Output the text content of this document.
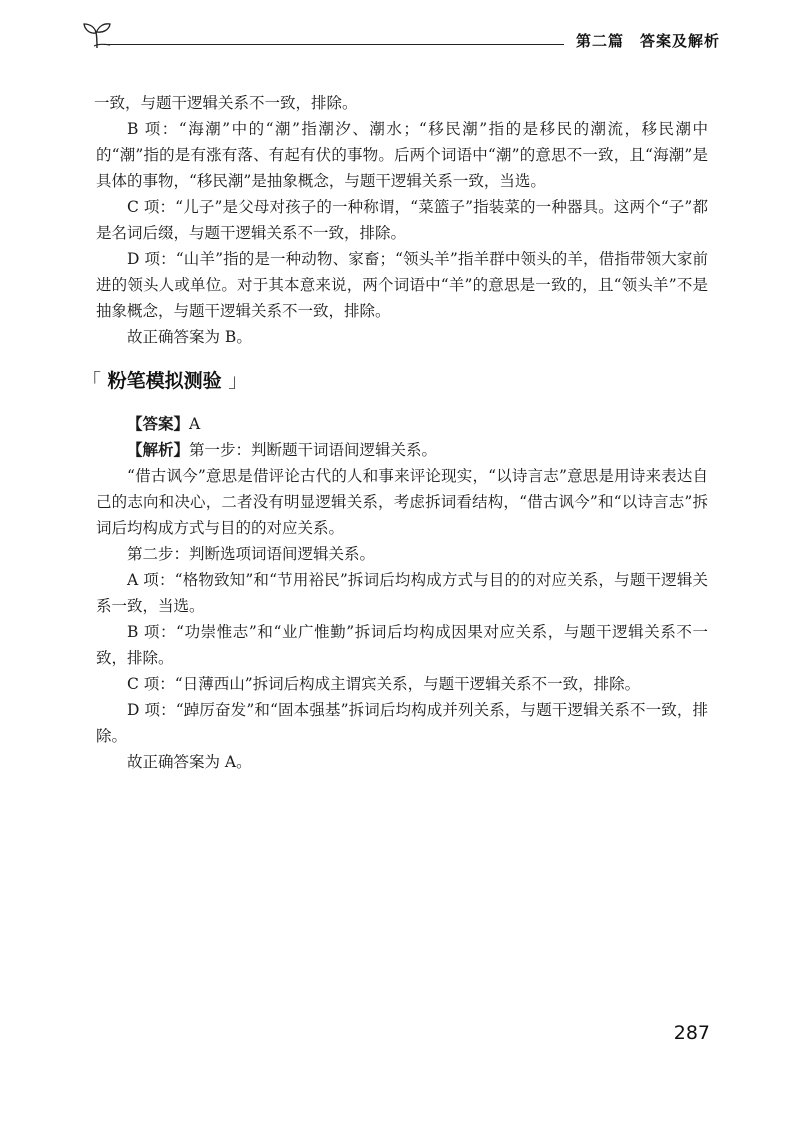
第二篇　答案及解析

一致，与题干逻辑关系不一致，排除。

B 项：“海潮”中的“潮”指潮汐、潮水；“移民潮”指的是移民的潮流，移民潮中的“潮”指的是有涨有落、有起有伏的事物。后两个词语中“潮”的意思不一致，且“海潮”是具体的事物，“移民潮”是抽象概念，与题干逻辑关系一致，当选。

C 项：“儿子”是父母对孩子的一种称谓，“菜篮子”指装菜的一种器具。这两个“子”都是名词后缀，与题干逻辑关系不一致，排除。

D 项：“山羊”指的是一种动物、家畜；“领头羊”指羊群中领头的羊，借指带领大家前进的领头人或单位。对于其本意来说，两个词语中“羊”的意思是一致的，且“领头羊”不是抽象概念，与题干逻辑关系不一致，排除。

故正确答案为 B。

「 粉笔模拟测验 」

【答案】A

【解析】第一步：判断题干词语间逻辑关系。

“借古讽今”意思是借评论古代的人和事来评论现实，“以诗言志”意思是用诗来表达自己的志向和决心，二者没有明显逻辑关系，考虑拆词看结构，“借古讽今”和“以诗言志”拆词后均构成方式与目的的对应关系。

第二步：判断选项词语间逻辑关系。

A 项：“格物致知”和“节用裕民”拆词后均构成方式与目的的对应关系，与题干逻辑关系一致，当选。

B 项：“功崇惟志”和“业广惟勤”拆词后均构成因果对应关系，与题干逻辑关系不一致，排除。

C 项：“日薄西山”拆词后构成主谓宾关系，与题干逻辑关系不一致，排除。

D 项：“踔厉奋发”和“固本强基”拆词后均构成并列关系，与题干逻辑关系不一致，排除。

故正确答案为 A。

287
